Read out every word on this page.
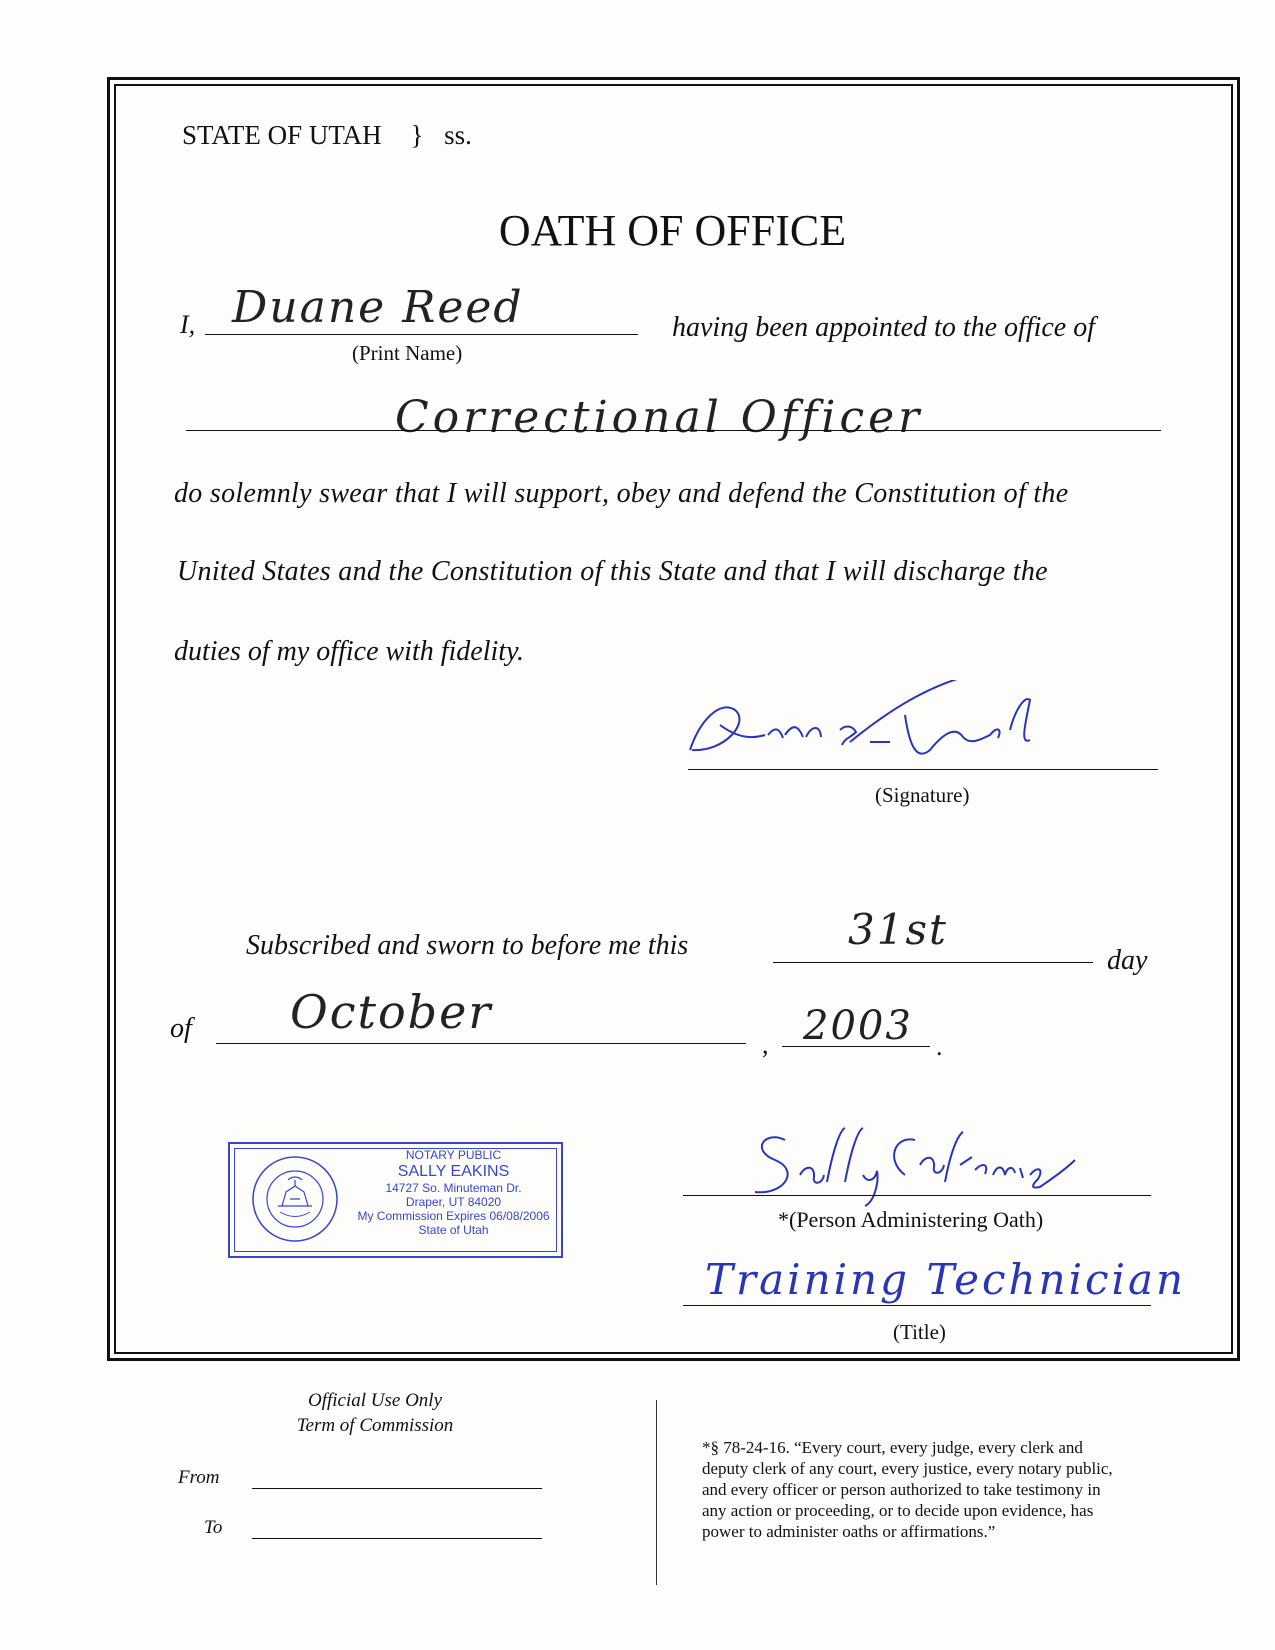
STATE OF UTAH } ss.
OATH OF OFFICE
I, Duane Reed
(Print Name)
having been appointed to the office of
Correctional Officer
do solemnly swear that I will support, obey and defend the Constitution of the
United States and the Constitution of this State and that I will discharge the
duties of my office with fidelity.
(Signature)
Subscribed and sworn to before me this	31st
day
of October
, 2003 .
NOTARY PUBLIC
SALLY EAKINS
14727 So. Minuteman Dr.
Draper, UT 84020
My Commission Expires 06/08/2006
State of Utah	*(Person Administering Oath)
Training Technician
(Title)
Official Use Only
Term of Commission
From
To
*§ 78-24-16. “Every court, every judge, every clerk and
deputy clerk of any court, every justice, every notary public,
and every officer or person authorized to take testimony in
any action or proceeding, or to decide upon evidence, has
power to administer oaths or affirmations.”
